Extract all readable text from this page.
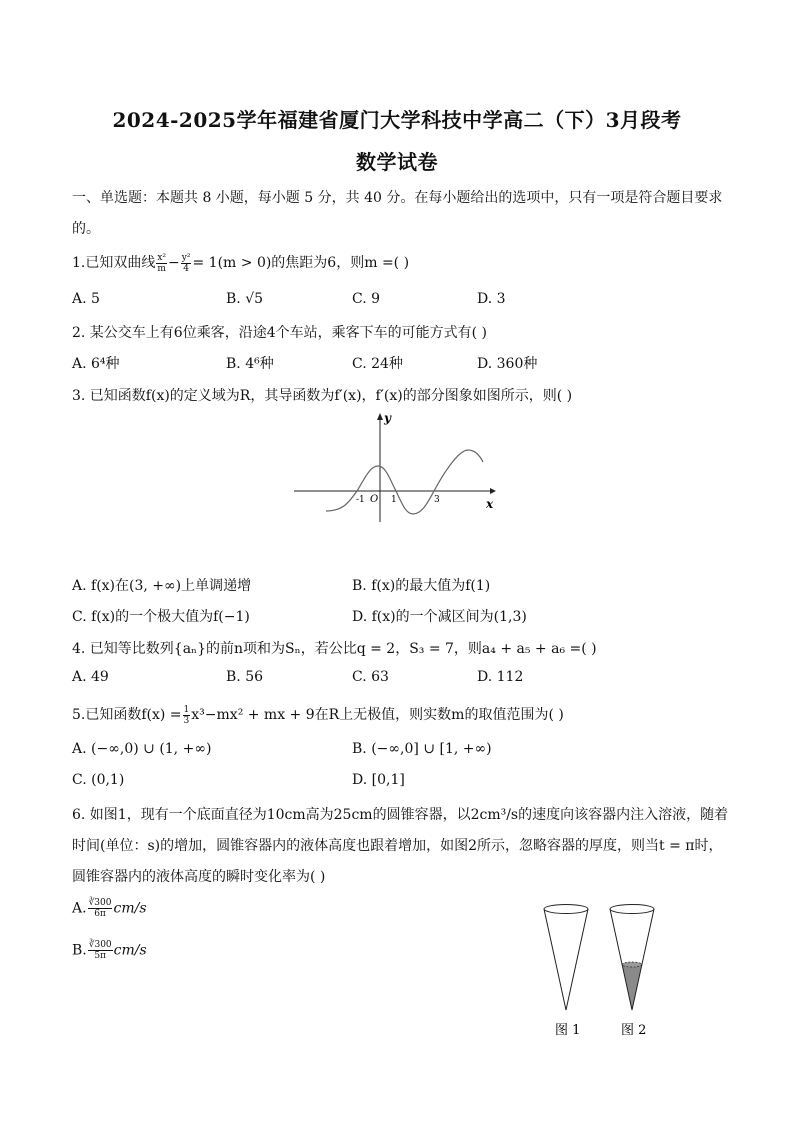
2024-2025学年福建省厦门大学科技中学高二（下）3月段考
数学试卷
一、单选题：本题共 8 小题，每小题 5 分，共 40 分。在每小题给出的选项中，只有一项是符合题目要求
的。
1.已知双曲线 $\frac{\text{x²}}{m} - \frac{\text{y²}}{4} = 1(m > 0)$的焦距为6，则m =( )
A. 5	B. √5	C. 9	D. 3
2. 某公交车上有6位乘客，沿途4个车站，乘客下车的可能方式有( )
A. 6⁴种	B. 4⁶种	C. 24种	D. 360种
3. 已知函数f(x)的定义域为R，其导函数为f′(x)，f′(x)的部分图象如图所示，则( )
y
x
O
-1	1	3
A. f(x)在(3, +∞)上单调递增	B. f(x)的最大值为f(1)
C. f(x)的一个极大值为f(−1)	D. f(x)的一个减区间为(1,3)
4. 已知等比数列{aₙ}的前n项和为Sₙ，若公比q = 2，S₃ = 7，则a₄ + a₅ + a₆ =( )
A. 49	B. 56	C. 63	D. 112
5.已知函数$f(x) = \frac{1}{3} x^3-mx^2$ + mx + 9在R上无极值，则实数m的取值范围为( )
A. (−∞,0) ∪ (1, +∞)	B. (−∞,0] ∪ [1, +∞)
C. (0,1)	D. [0,1]
6. 如图1，现有一个底面直径为10cm高为25cm的圆锥容器，以2cm³/s的速度向该容器内注入溶液，随着
时间(单位：s)的增加，圆锥容器内的液体高度也跟着增加，如图2所示，忽略容器的厚度，则当t = π时，
圆锥容器内的液体高度的瞬时变化率为( )
A. $\frac{∛300}{6\pi} cm/s$
B. $\frac{∛300}{5\pi} cm/s$
图 1	图 2
